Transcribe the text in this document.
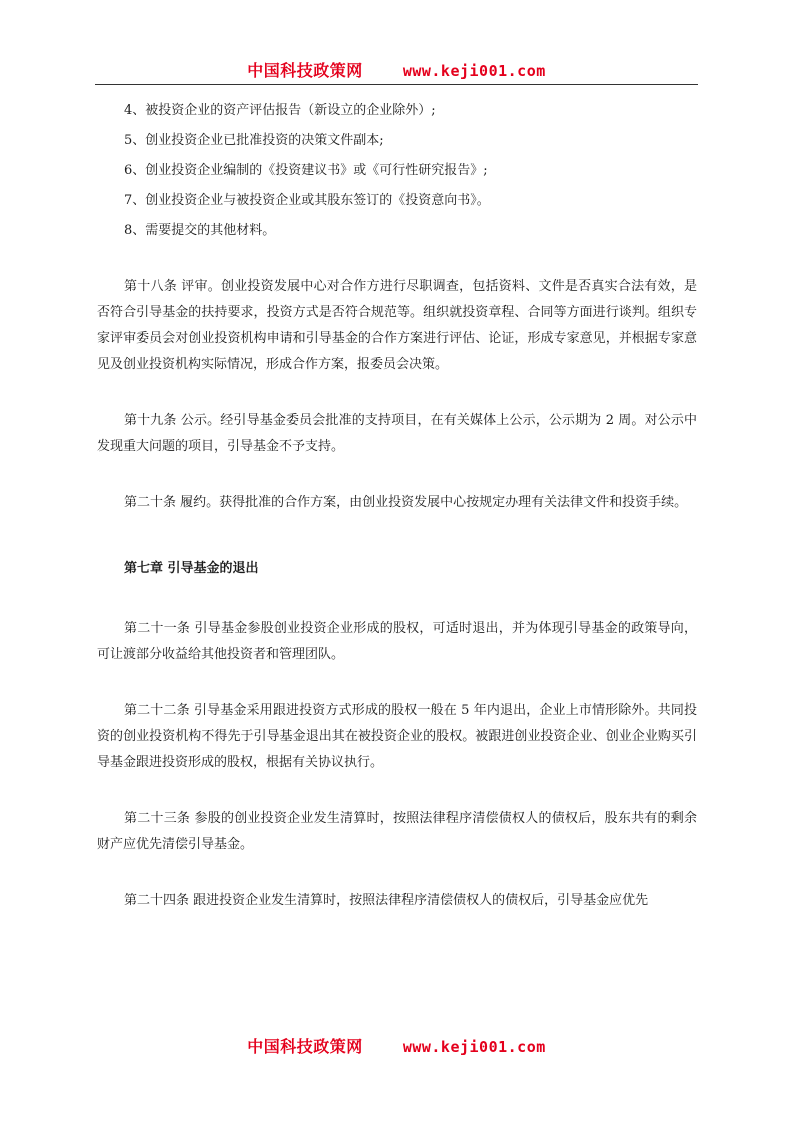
中国科技政策网	www.keji001.com

4、被投资企业的资产评估报告（新设立的企业除外）;

5、创业投资企业已批准投资的决策文件副本;

6、创业投资企业编制的《投资建议书》或《可行性研究报告》;

7、创业投资企业与被投资企业或其股东签订的《投资意向书》。

8、需要提交的其他材料。

第十八条 评审。创业投资发展中心对合作方进行尽职调查，包括资料、文件是否真实合法有效，是否符合引导基金的扶持要求，投资方式是否符合规范等。组织就投资章程、合同等方面进行谈判。组织专家评审委员会对创业投资机构申请和引导基金的合作方案进行评估、论证，形成专家意见，并根据专家意见及创业投资机构实际情况，形成合作方案，报委员会决策。

第十九条 公示。经引导基金委员会批准的支持项目，在有关媒体上公示，公示期为 2 周。对公示中发现重大问题的项目，引导基金不予支持。

第二十条 履约。获得批准的合作方案，由创业投资发展中心按规定办理有关法律文件和投资手续。

第七章 引导基金的退出

第二十一条 引导基金参股创业投资企业形成的股权，可适时退出，并为体现引导基金的政策导向，可让渡部分收益给其他投资者和管理团队。

第二十二条 引导基金采用跟进投资方式形成的股权一般在 5 年内退出，企业上市情形除外。共同投资的创业投资机构不得先于引导基金退出其在被投资企业的股权。被跟进创业投资企业、创业企业购买引导基金跟进投资形成的股权，根据有关协议执行。

第二十三条 参股的创业投资企业发生清算时，按照法律程序清偿债权人的债权后，股东共有的剩余财产应优先清偿引导基金。

第二十四条 跟进投资企业发生清算时，按照法律程序清偿债权人的债权后，引导基金应优先

中国科技政策网	www.keji001.com
